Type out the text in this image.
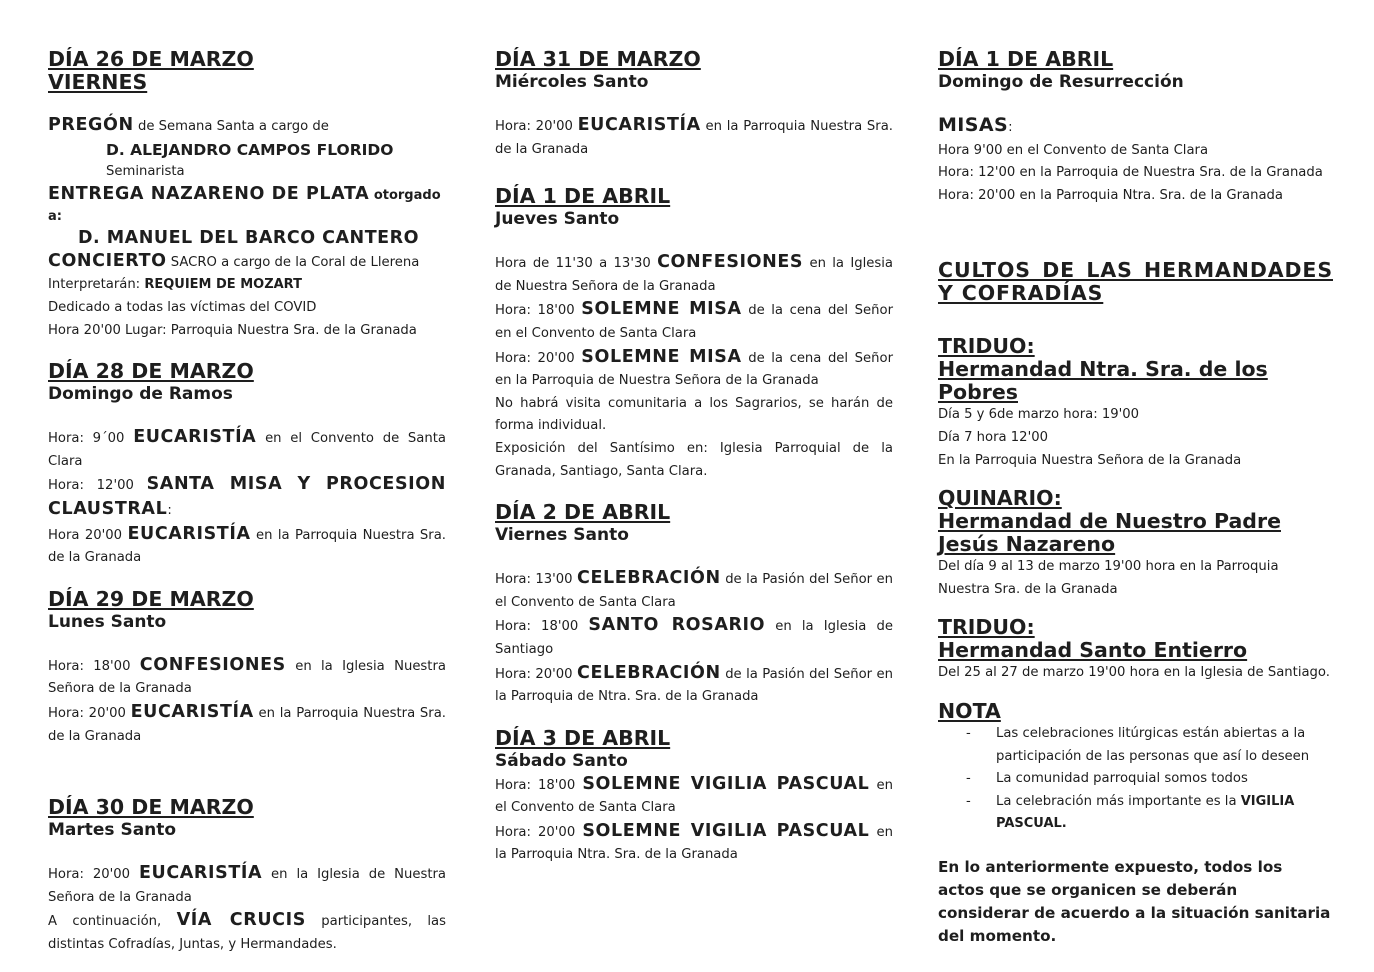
DÍA 26 DE MARZO

VIERNES

PREGÓN de Semana Santa a cargo de

D. ALEJANDRO CAMPOS FLORIDO

Seminarista

ENTREGA NAZARENO DE PLATA otorgado a:

D. MANUEL DEL BARCO CANTERO

CONCIERTO SACRO a cargo de la Coral de Llerena

Interpretarán: REQUIEM DE MOZART

Dedicado a todas las víctimas del COVID

Hora 20'00 Lugar: Parroquia Nuestra Sra. de la Granada

DÍA 28 DE MARZO

Domingo de Ramos

Hora: 9´00 EUCARISTÍA en el Convento de Santa Clara

Hora: 12'00 SANTA MISA Y PROCESION CLAUSTRAL:

Hora 20'00 EUCARISTÍA en la Parroquia Nuestra Sra. de la Granada

DÍA 29 DE MARZO

Lunes Santo

Hora: 18'00 CONFESIONES en la Iglesia Nuestra Señora de la Granada

Hora: 20'00 EUCARISTÍA en la Parroquia Nuestra Sra. de la Granada

DÍA 30 DE MARZO

Martes Santo

Hora: 20'00 EUCARISTÍA en la Iglesia de Nuestra Señora de la Granada

A continuación, VÍA CRUCIS participantes, las distintas Cofradías, Juntas, y Hermandades.

DÍA 31 DE MARZO

Miércoles Santo

Hora: 20'00 EUCARISTÍA en la Parroquia Nuestra Sra. de la Granada

DÍA 1 DE ABRIL

Jueves Santo

Hora de 11'30 a 13'30 CONFESIONES en la Iglesia de Nuestra Señora de la Granada

Hora: 18'00 SOLEMNE MISA de la cena del Señor en el Convento de Santa Clara

Hora: 20'00 SOLEMNE MISA de la cena del Señor en la Parroquia de Nuestra Señora de la Granada

No habrá visita comunitaria a los Sagrarios, se harán de forma individual.

Exposición del Santísimo en: Iglesia Parroquial de la Granada, Santiago, Santa Clara.

DÍA 2 DE ABRIL

Viernes Santo

Hora: 13'00 CELEBRACIÓN de la Pasión del Señor en el Convento de Santa Clara

Hora: 18'00 SANTO ROSARIO en la Iglesia de Santiago

Hora: 20'00 CELEBRACIÓN de la Pasión del Señor en la Parroquia de Ntra. Sra. de la Granada

DÍA 3 DE ABRIL

Sábado Santo

Hora: 18'00 SOLEMNE VIGILIA PASCUAL en el Convento de Santa Clara

Hora: 20'00 SOLEMNE VIGILIA PASCUAL en la Parroquia Ntra. Sra. de la Granada

DÍA 1 DE ABRIL

Domingo de Resurrección

MISAS:

Hora 9'00 en el Convento de Santa Clara

Hora: 12'00 en la Parroquia de Nuestra Sra. de la Granada

Hora: 20'00 en la Parroquia Ntra. Sra. de la Granada

CULTOS DE LAS HERMANDADES Y COFRADÍAS

TRIDUO:

Hermandad Ntra. Sra. de los Pobres

Día 5 y 6de marzo hora: 19'00

Día 7 hora 12'00

En la Parroquia Nuestra Señora de la Granada

QUINARIO:

Hermandad de Nuestro Padre Jesús Nazareno

Del día 9 al 13 de marzo 19'00 hora en la Parroquia Nuestra Sra. de la Granada

TRIDUO:

Hermandad Santo Entierro

Del 25 al 27 de marzo 19'00 hora en la Iglesia de Santiago.

NOTA

- Las celebraciones litúrgicas están abiertas a la participación de las personas que así lo deseen
- La comunidad parroquial somos todos
- La celebración más importante es la VIGILIA PASCUAL.

En lo anteriormente expuesto, todos los actos que se organicen se deberán considerar de acuerdo a la situación sanitaria del momento.
